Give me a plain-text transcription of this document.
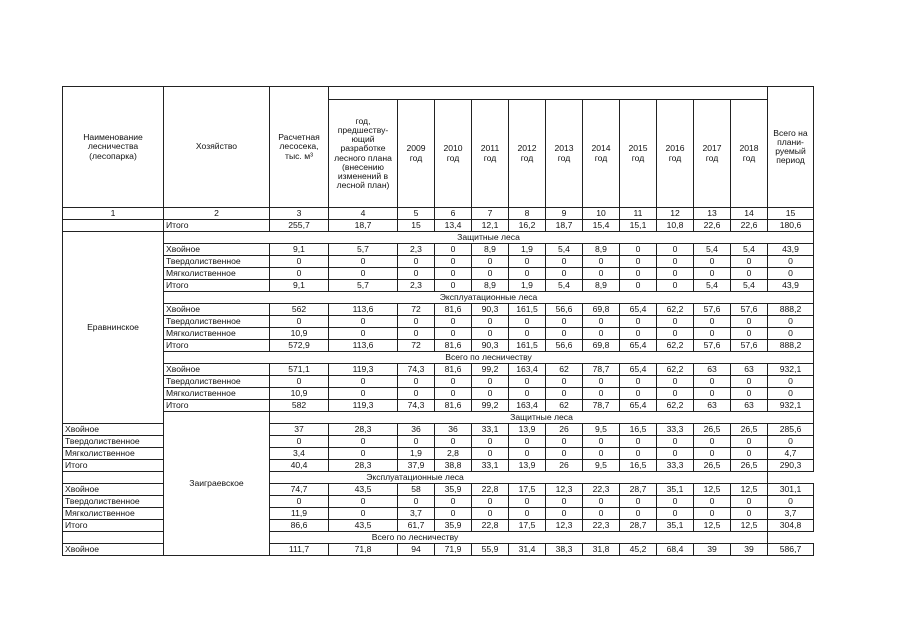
Наименование лесничества (лесопарка)	Хозяйство	Расчетная лесосека, тыс. м³												Всего на плани-руемый период
			год, предшеству-ющий разработке лесного плана (внесению изменений в лесной план)	2009 год	2010 год	2011 год	2012 год	2013 год	2014 год	2015 год	2016 год	2017 год	2018 год	
1	2	3	4	5	6	7	8	9	10	11	12	13	14	15
	Итого	255,7	18,7	15	13,4	12,1	16,2	18,7	15,4	15,1	10,8	22,6	22,6	180,6
Еравнинское	Защитные леса													
	Хвойное	9,1	5,7	2,3	0	8,9	1,9	5,4	8,9	0	0	5,4	5,4	43,9
	Твердолиственное	0	0	0	0	0	0	0	0	0	0	0	0	0
	Мягколиственное	0	0	0	0	0	0	0	0	0	0	0	0	0
	Итого	9,1	5,7	2,3	0	8,9	1,9	5,4	8,9	0	0	5,4	5,4	43,9
	Эксплуатационные леса													
	Хвойное	562	113,6	72	81,6	90,3	161,5	56,6	69,8	65,4	62,2	57,6	57,6	888,2
	Твердолиственное	0	0	0	0	0	0	0	0	0	0	0	0	0
	Мягколиственное	10,9	0	0	0	0	0	0	0	0	0	0	0	0
	Итого	572,9	113,6	72	81,6	90,3	161,5	56,6	69,8	65,4	62,2	57,6	57,6	888,2
	Всего по лесничеству													
	Хвойное	571,1	119,3	74,3	81,6	99,2	163,4	62	78,7	65,4	62,2	63	63	932,1
	Твердолиственное	0	0	0	0	0	0	0	0	0	0	0	0	0
	Мягколиственное	10,9	0	0	0	0	0	0	0	0	0	0	0	0
	Итого	582	119,3	74,3	81,6	99,2	163,4	62	78,7	65,4	62,2	63	63	932,1
	Заиграевское	Защитные леса												
Хвойное		37	28,3	36	36	33,1	13,9	26	9,5	16,5	33,3	26,5	26,5	285,6
Твердолиственное		0	0	0	0	0	0	0	0	0	0	0	0	0
Мягколиственное		3,4	0	1,9	2,8	0	0	0	0	0	0	0	0	4,7
Итого		40,4	28,3	37,9	38,8	33,1	13,9	26	9,5	16,5	33,3	26,5	26,5	290,3
Эксплуатационные леса														
Хвойное		74,7	43,5	58	35,9	22,8	17,5	12,3	22,3	28,7	35,1	12,5	12,5	301,1
Твердолиственное		0	0	0	0	0	0	0	0	0	0	0	0	0
Мягколиственное		11,9	0	3,7	0	0	0	0	0	0	0	0	0	3,7
Итого		86,6	43,5	61,7	35,9	22,8	17,5	12,3	22,3	28,7	35,1	12,5	12,5	304,8
Всего по лесничеству														
Хвойное		111,7	71,8	94	71,9	55,9	31,4	38,3	31,8	45,2	68,4	39	39	586,7
